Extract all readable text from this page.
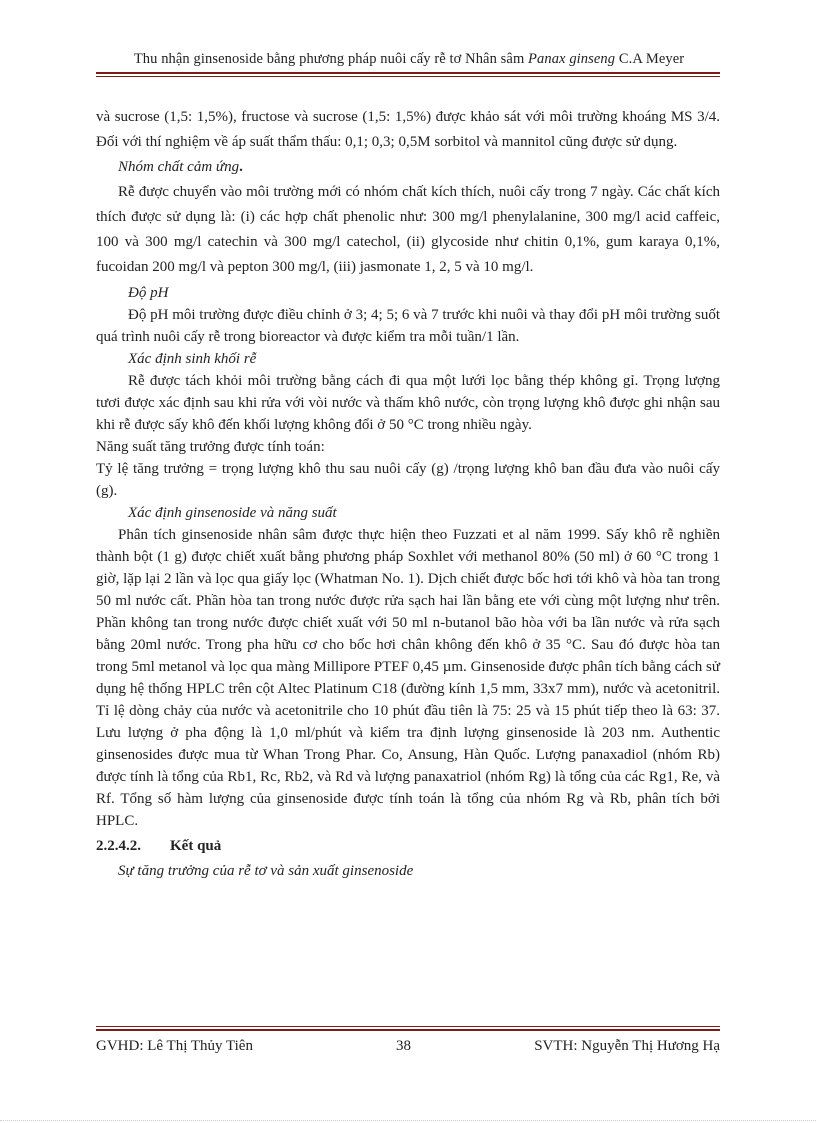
Thu nhận ginsenoside bằng phương pháp nuôi cấy rễ tơ Nhân sâm Panax ginseng C.A Meyer

và sucrose (1,5: 1,5%), fructose và sucrose (1,5: 1,5%) được khảo sát với môi trường khoáng MS 3/4. Đối với thí nghiệm về áp suất thẩm thấu: 0,1; 0,3; 0,5M sorbitol và mannitol cũng được sử dụng.

Nhóm chất cảm ứng.

Rễ được chuyển vào môi trường mới có nhóm chất kích thích, nuôi cấy trong 7 ngày. Các chất kích thích được sử dụng là: (i) các hợp chất phenolic như: 300 mg/l phenylalanine, 300 mg/l acid caffeic, 100 và 300 mg/l catechin và 300 mg/l catechol, (ii) glycoside như chitin 0,1%, gum karaya 0,1%, fucoidan 200 mg/l và pepton 300 mg/l, (iii) jasmonate 1, 2, 5 và 10 mg/l.

Độ pH

Độ pH môi trường được điều chỉnh ở 3; 4; 5; 6 và 7 trước khi nuôi và thay đổi pH môi trường suốt quá trình nuôi cấy rễ trong bioreactor và được kiểm tra mỗi tuần/1 lần.

Xác định sinh khối rễ

Rễ được tách khỏi môi trường bằng cách đi qua một lưới lọc bằng thép không gỉ. Trọng lượng tươi được xác định sau khi rửa với vòi nước và thấm khô nước, còn trọng lượng khô được ghi nhận sau khi rễ được sấy khô đến khối lượng không đổi ở 50 °C trong nhiều ngày.

Năng suất tăng trưởng được tính toán:

Tỷ lệ tăng trưởng = trọng lượng khô thu sau nuôi cấy (g) /trọng lượng khô ban đầu đưa vào nuôi cấy (g).

Xác định ginsenoside và năng suất

Phân tích ginsenoside nhân sâm được thực hiện theo Fuzzati et al năm 1999. Sấy khô rễ nghiền thành bột (1 g) được chiết xuất bằng phương pháp Soxhlet với methanol 80% (50 ml) ở 60 °C trong 1 giờ, lặp lại 2 lần và lọc qua giấy lọc (Whatman No. 1). Dịch chiết được bốc hơi tới khô và hòa tan trong 50 ml nước cất. Phần hòa tan trong nước được rửa sạch hai lần bằng ete với cùng một lượng như trên. Phần không tan trong nước được chiết xuất với 50 ml n-butanol bão hòa với ba lần nước và rửa sạch bằng 20ml nước. Trong pha hữu cơ cho bốc hơi chân không đến khô ở 35 °C. Sau đó được hòa tan trong 5ml metanol và lọc qua màng Millipore PTEF 0,45 µm. Ginsenoside được phân tích bằng cách sử dụng hệ thống HPLC trên cột Altec Platinum C18 (đường kính 1,5 mm, 33x7 mm), nước và acetonitril. Tỉ lệ dòng chảy của nước và acetonitrile cho 10 phút đầu tiên là 75: 25 và 15 phút tiếp theo là 63: 37. Lưu lượng ở pha động là 1,0 ml/phút và kiểm tra định lượng ginsenoside là 203 nm. Authentic ginsenosides được mua từ Whan Trong Phar. Co, Ansung, Hàn Quốc. Lượng panaxadiol (nhóm Rb) được tính là tổng của Rb1, Rc, Rb2, và Rd và lượng panaxatriol (nhóm Rg) là tổng của các Rg1, Re, và Rf. Tổng số hàm lượng của ginsenoside được tính toán là tổng của nhóm Rg và Rb, phân tích bởi HPLC.

2.2.4.2. Kết quả

Sự tăng trưởng của rễ tơ và sản xuất ginsenoside

GVHD: Lê Thị Thủy Tiên	38	SVTH: Nguyễn Thị Hương Hạ
